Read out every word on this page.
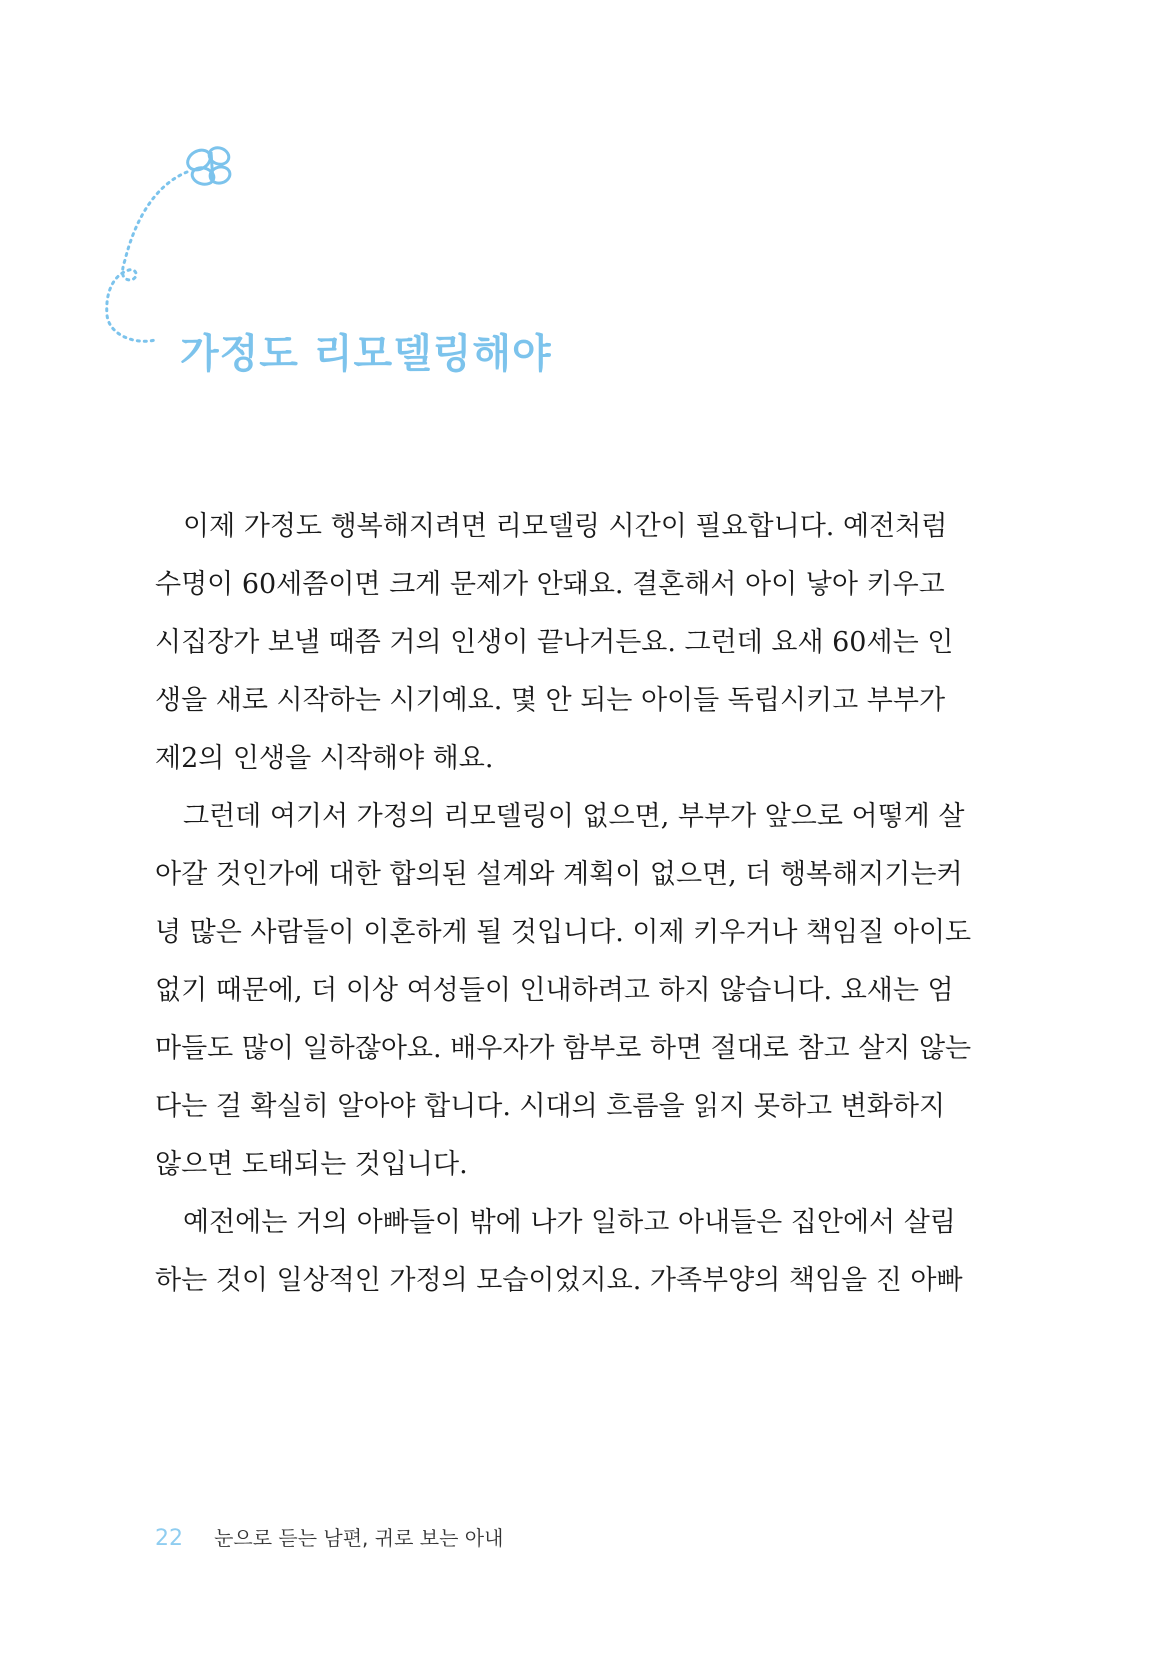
가정도 리모델링해야
이제 가정도 행복해지려면 리모델링 시간이 필요합니다. 예전처럼
수명이 60세쯤이면 크게 문제가 안돼요. 결혼해서 아이 낳아 키우고
시집장가 보낼 때쯤 거의 인생이 끝나거든요. 그런데 요새 60세는 인
생을 새로 시작하는 시기예요. 몇 안 되는 아이들 독립시키고 부부가
제2의 인생을 시작해야 해요.
그런데 여기서 가정의 리모델링이 없으면, 부부가 앞으로 어떻게 살
아갈 것인가에 대한 합의된 설계와 계획이 없으면, 더 행복해지기는커
녕 많은 사람들이 이혼하게 될 것입니다. 이제 키우거나 책임질 아이도
없기 때문에, 더 이상 여성들이 인내하려고 하지 않습니다. 요새는 엄
마들도 많이 일하잖아요. 배우자가 함부로 하면 절대로 참고 살지 않는
다는 걸 확실히 알아야 합니다. 시대의 흐름을 읽지 못하고 변화하지
않으면 도태되는 것입니다.
예전에는 거의 아빠들이 밖에 나가 일하고 아내들은 집안에서 살림
하는 것이 일상적인 가정의 모습이었지요. 가족부양의 책임을 진 아빠
22 눈으로 듣는 남편, 귀로 보는 아내
